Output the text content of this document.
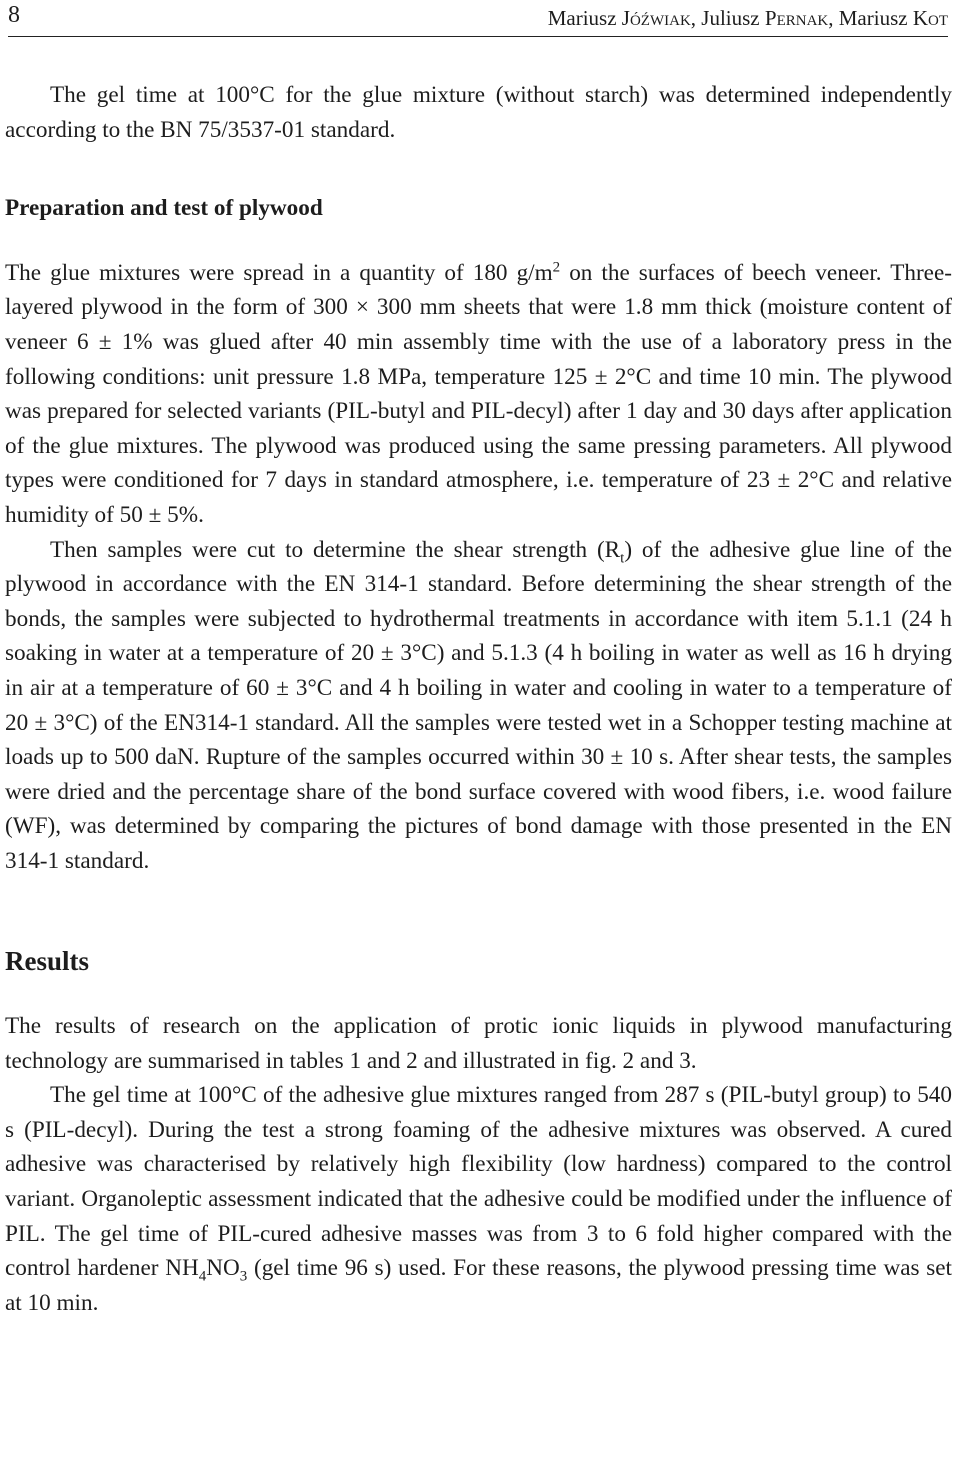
8	Mariusz Jóźwiak, Juliusz Pernak, Mariusz Kot

The gel time at 100°C for the glue mixture (without starch) was determined independently according to the BN 75/3537-01 standard.

Preparation and test of plywood

The glue mixtures were spread in a quantity of 180 $g/m^2$ on the surfaces of beech veneer. Three-layered plywood in the form of 300 × 300 mm sheets that were 1.8 mm thick (moisture content of veneer 6 ± 1% was glued after 40 min assembly time with the use of a laboratory press in the following conditions: unit pressure 1.8 MPa, temperature 125 ± 2°C and time 10 min. The plywood was prepared for selected variants (PIL-butyl and PIL-decyl) after 1 day and 30 days after application of the glue mixtures. The plywood was produced using the same pressing parameters. All plywood types were conditioned for 7 days in standard atmosphere, i.e. temperature of 23 ± 2°C and relative humidity of 50 ± 5%.

Then samples were cut to determine the shear strength $(R_t)$ of the adhesive glue line of the plywood in accordance with the EN 314-1 standard. Before determining the shear strength of the bonds, the samples were subjected to hydrothermal treatments in accordance with item 5.1.1 (24 h soaking in water at a temperature of 20 ± 3°C) and 5.1.3 (4 h boiling in water as well as 16 h drying in air at a temperature of 60 ± 3°C and 4 h boiling in water and cooling in water to a temperature of 20 ± 3°C) of the EN314-1 standard. All the samples were tested wet in a Schopper testing machine at loads up to 500 daN. Rupture of the samples occurred within 30 ± 10 s. After shear tests, the samples were dried and the percentage share of the bond surface covered with wood fibers, i.e. wood failure (WF), was determined by comparing the pictures of bond damage with those presented in the EN 314-1 standard.

Results

The results of research on the application of protic ionic liquids in plywood manufacturing technology are summarised in tables 1 and 2 and illustrated in fig. 2 and 3.

The gel time at 100°C of the adhesive glue mixtures ranged from 287 s (PIL-butyl group) to 540 s (PIL-decyl). During the test a strong foaming of the adhesive mixtures was observed. A cured adhesive was characterised by relatively high flexibility (low hardness) compared to the control variant. Organoleptic assessment indicated that the adhesive could be modified under the influence of PIL. The gel time of PIL-cured adhesive masses was from 3 to 6 fold higher compared with the control hardener $NH_4NO_3$ (gel time 96 s) used. For these reasons, the plywood pressing time was set at 10 min.
